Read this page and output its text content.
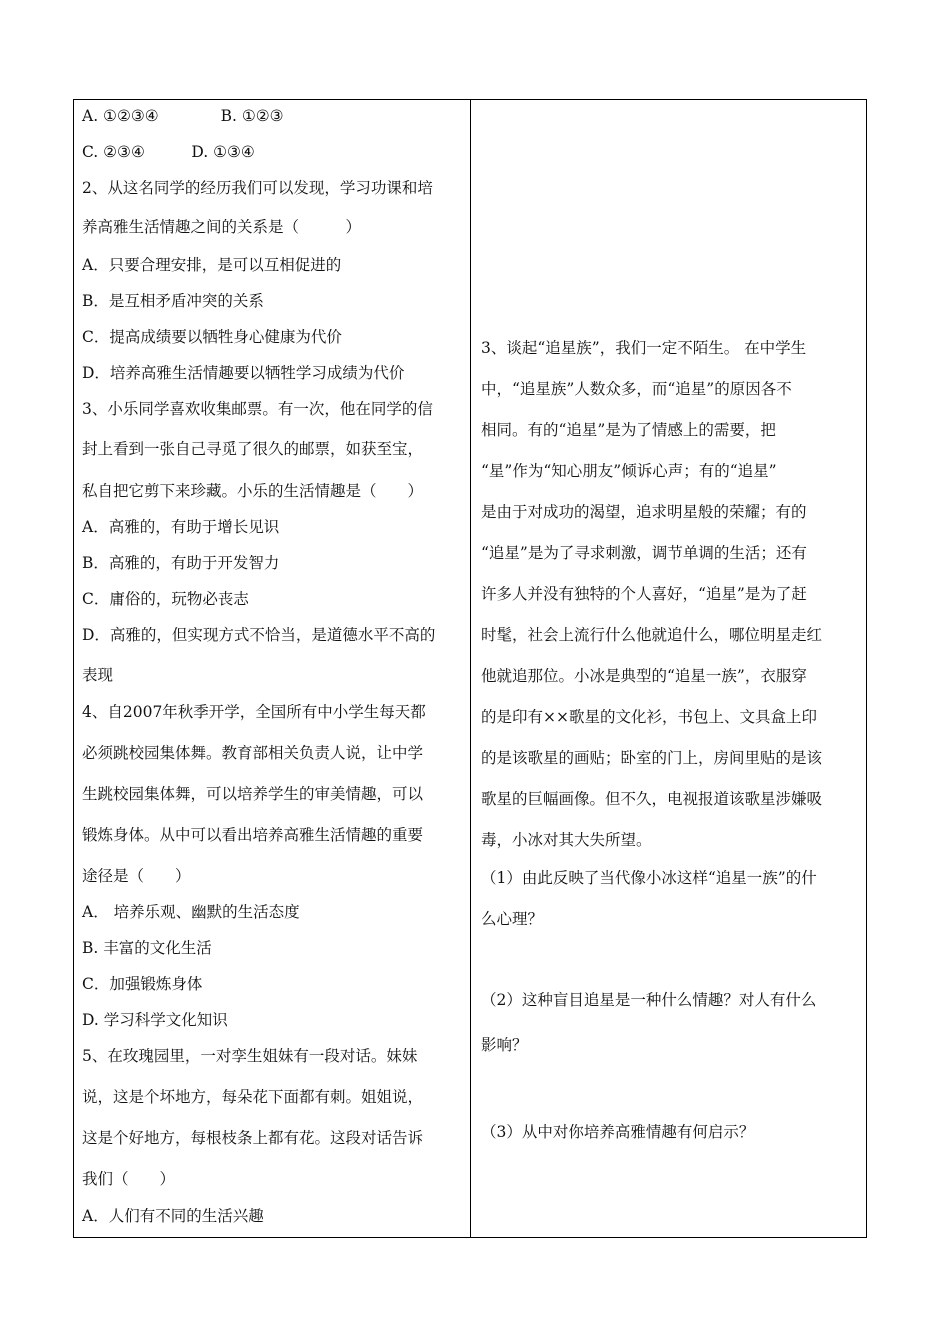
A. ①②③④　　　　B. ①②③
C. ②③④　　　D. ①③④
2、从这名同学的经历我们可以发现，学习功课和培
养高雅生活情趣之间的关系是（　　　）
A．只要合理安排，是可以互相促进的
B．是互相矛盾冲突的关系
C．提高成绩要以牺牲身心健康为代价
D．培养高雅生活情趣要以牺牲学习成绩为代价
3、小乐同学喜欢收集邮票。有一次，他在同学的信
封上看到一张自己寻觅了很久的邮票，如获至宝，
私自把它剪下来珍藏。小乐的生活情趣是（　　）
A．高雅的，有助于增长见识
B．高雅的，有助于开发智力
C．庸俗的，玩物必丧志
D．高雅的，但实现方式不恰当，是道德水平不高的
表现
4、自2007年秋季开学，全国所有中小学生每天都
必须跳校园集体舞。教育部相关负责人说，让中学
生跳校园集体舞，可以培养学生的审美情趣，可以
锻炼身体。从中可以看出培养高雅生活情趣的重要
途径是（　　）
A． 培养乐观、幽默的生活态度
B. 丰富的文化生活
C．加强锻炼身体
D. 学习科学文化知识
5、在玫瑰园里，一对孪生姐妹有一段对话。妹妹
说，这是个坏地方，每朵花下面都有刺。姐姐说，
这是个好地方，每根枝条上都有花。这段对话告诉
我们（　　）
A．人们有不同的生活兴趣
3、谈起“追星族”，我们一定不陌生。 在中学生
中，“追星族”人数众多，而“追星”的原因各不
相同。有的“追星”是为了情感上的需要，把
“星”作为“知心朋友”倾诉心声；有的“追星”
是由于对成功的渴望，追求明星般的荣耀；有的
“追星”是为了寻求刺激，调节单调的生活；还有
许多人并没有独特的个人喜好，“追星”是为了赶
时髦，社会上流行什么他就追什么，哪位明星走红
他就追那位。小冰是典型的“追星一族”，衣服穿
的是印有××歌星的文化衫，书包上、文具盒上印
的是该歌星的画贴；卧室的门上，房间里贴的是该
歌星的巨幅画像。但不久，电视报道该歌星涉嫌吸
毒，小冰对其大失所望。
（1）由此反映了当代像小冰这样“追星一族”的什
么心理？
（2）这种盲目追星是一种什么情趣？对人有什么
影响？
（3）从中对你培养高雅情趣有何启示？
